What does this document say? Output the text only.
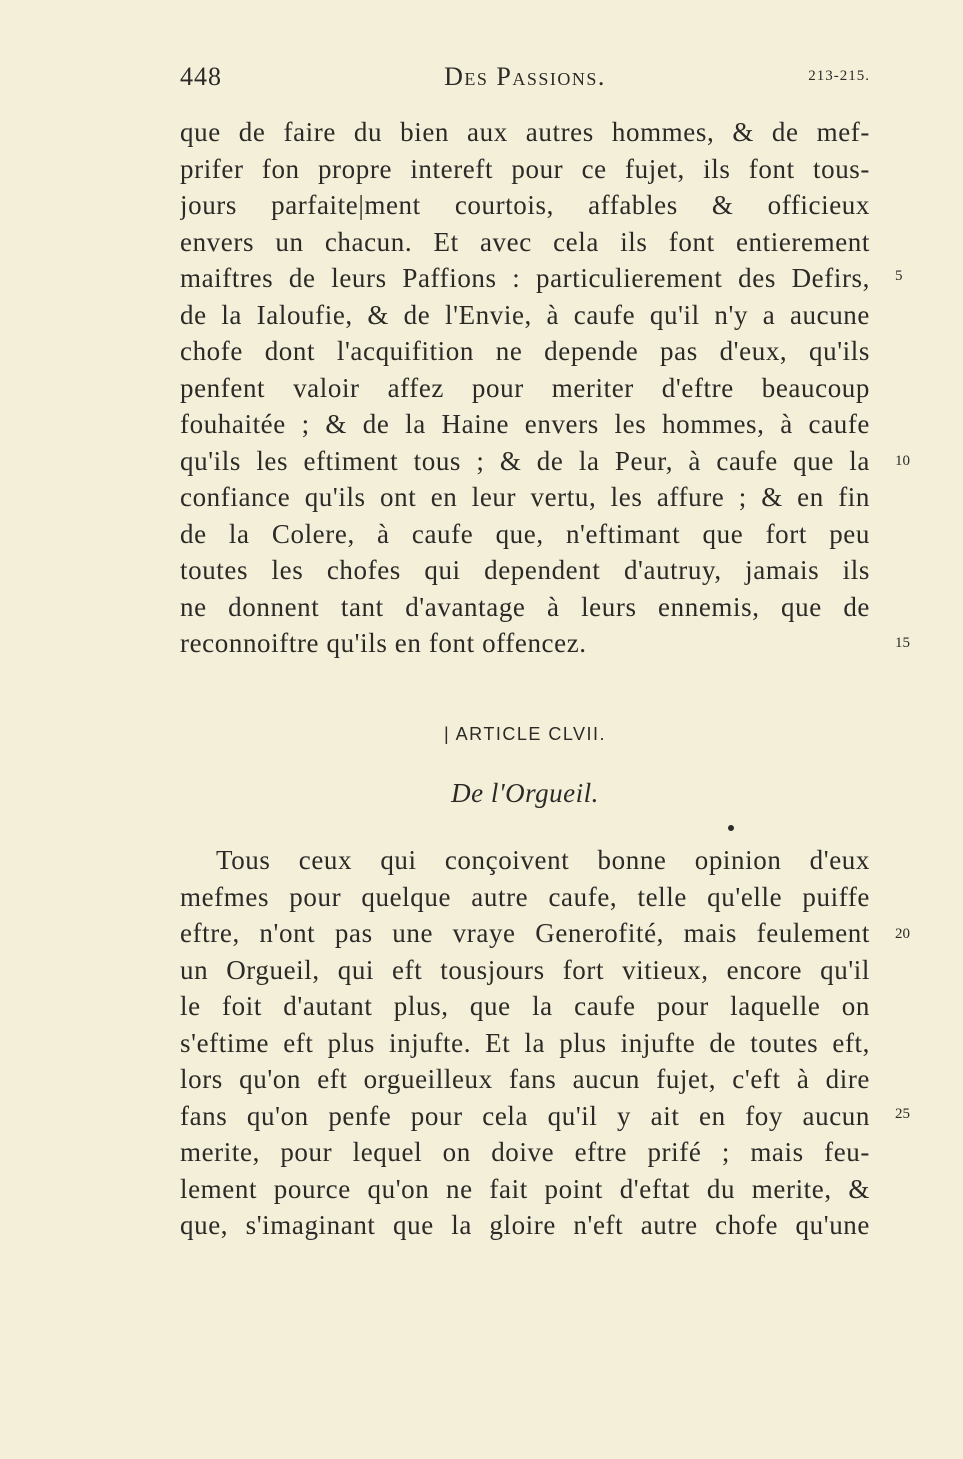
448	Des Passions.	213-215.
que de faire du bien aux autres hommes, & de mef-
prifer fon propre intereft pour ce fujet, ils font tous-
jours parfaite|ment courtois, affables & officieux
envers un chacun. Et avec cela ils font entierement
maiftres de leurs Paffions : particulierement des Defirs,
de la Ialoufie, & de l'Envie, à caufe qu'il n'y a aucune
chofe dont l'acquifition ne depende pas d'eux, qu'ils
penfent valoir affez pour meriter d'eftre beaucoup
fouhaitée ; & de la Haine envers les hommes, à caufe
qu'ils les eftiment tous ; & de la Peur, à caufe que la
confiance qu'ils ont en leur vertu, les affure ; & en fin
de la Colere, à caufe que, n'eftimant que fort peu
toutes les chofes qui dependent d'autruy, jamais ils
ne donnent tant d'avantage à leurs ennemis, que de
reconnoiftre qu'ils en font offencez.
5
10
15
| ARTICLE CLVII.
De l'Orgueil.
Tous ceux qui conçoivent bonne opinion d'eux
mefmes pour quelque autre caufe, telle qu'elle puiffe
eftre, n'ont pas une vraye Generofité, mais feulement
un Orgueil, qui eft tousjours fort vitieux, encore qu'il
le foit d'autant plus, que la caufe pour laquelle on
s'eftime eft plus injufte. Et la plus injufte de toutes eft,
lors qu'on eft orgueilleux fans aucun fujet, c'eft à dire
fans qu'on penfe pour cela qu'il y ait en foy aucun
merite, pour lequel on doive eftre prifé ; mais feu-
lement pource qu'on ne fait point d'eftat du merite, &
que, s'imaginant que la gloire n'eft autre chofe qu'une
20
25
